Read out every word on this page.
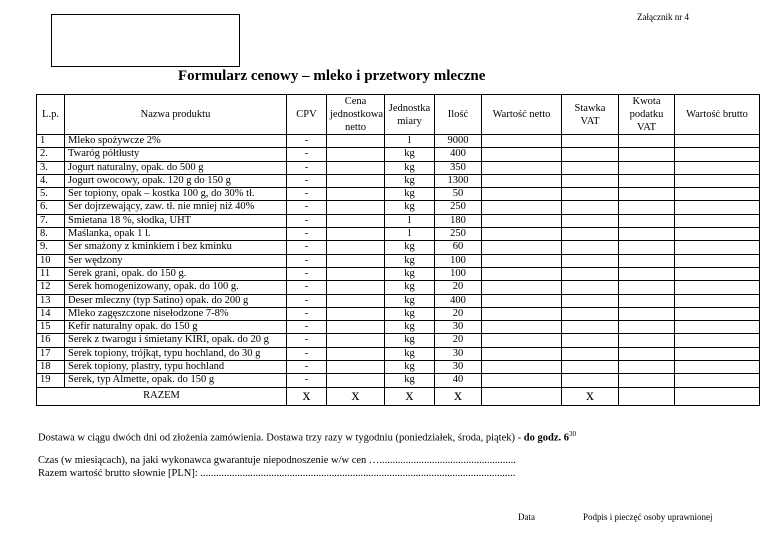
Załącznik nr 4
Formularz cenowy – mleko i przetwory mleczne
L.p.	Nazwa produktu	CPV	Cena jednostkowa netto	Jednostka miary	Ilość	Wartość netto	Stawka VAT	Kwota podatku VAT	Wartość brutto
1	Mleko spożywcze 2%	-		l	9000				
2.	Twaróg półtłusty	-		kg	400				
3.	Jogurt naturalny, opak. do 500 g	-		kg	350				
4.	Jogurt owocowy, opak. 120 g do 150 g	-		kg	1300				
5.	Ser topiony, opak – kostka 100 g, do 30% tł.	-		kg	50				
6.	Ser dojrzewający, zaw. tł. nie mniej niż 40%	-		kg	250				
7.	Śmietana 18 %, słodka, UHT	-		l	180				
8.	Maślanka, opak 1 l.	-		l	250				
9.	Ser smażony z kminkiem i bez kminku	-		kg	60				
10	Ser wędzony	-		kg	100				
11	Serek grani, opak. do 150 g.	-		kg	100				
12	Serek homogenizowany, opak. do 100 g.	-		kg	20				
13	Deser mleczny (typ Satino) opak. do 200 g	-		kg	400				
14	Mleko zagęszczone nisełodzone 7-8%	-		kg	20				
15	Kefir naturalny opak. do 150 g	-		kg	30				
16	Serek z twarogu i śmietany KIRI, opak. do 20 g	-		kg	20				
17	Serek topiony, trójkąt, typu hochland, do 30 g	-		kg	30				
18	Serek topiony, plastry, typu hochland	-		kg	30				
19	Serek, typ Almette, opak. do 150 g	-		kg	40				
RAZEM		x	x	x	x		x		
Dostawa w ciągu dwóch dni od złożenia zamówienia. Dostawa trzy razy w tygodniu (poniedziałek, środa, piątek) - do godz. $6^{30}$
Czas (w miesiącach), na jaki wykonawca gwarantuje niepodnoszenie w/w cen …....................................................
Razem wartość brutto słownie [PLN]: ........................................................................................................................
Data	Podpis i pieczęć osoby uprawnionej
